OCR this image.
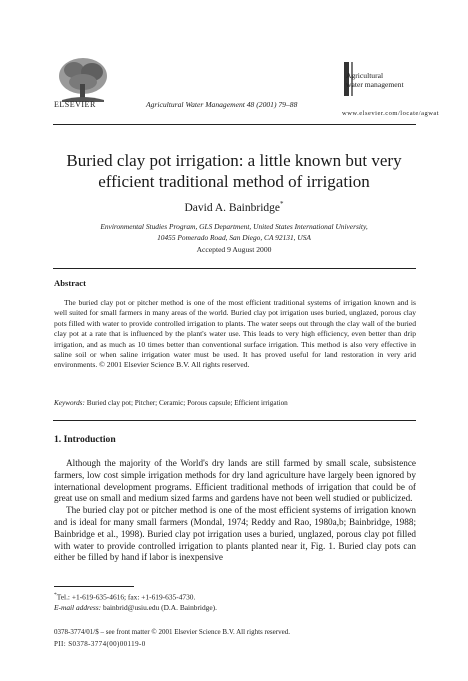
ELSEVIER	Agricultural Water Management 48 (2001) 79–88
Agricultural
water management
www.elsevier.com/locate/agwat
Buried clay pot irrigation: a little known but very efficient traditional method of irrigation
David A. Bainbridge*
Environmental Studies Program, GLS Department, United States International University,
10455 Pomerado Road, San Diego, CA 92131, USA
Accepted 9 August 2000
Abstract
The buried clay pot or pitcher method is one of the most efficient traditional systems of irrigation known and is well suited for small farmers in many areas of the world. Buried clay pot irrigation uses buried, unglazed, porous clay pots filled with water to provide controlled irrigation to plants. The water seeps out through the clay wall of the buried clay pot at a rate that is influenced by the plant's water use. This leads to very high efficiency, even better than drip irrigation, and as much as 10 times better than conventional surface irrigation. This method is also very effective in saline soil or when saline irrigation water must be used. It has proved useful for land restoration in very arid environments. © 2001 Elsevier Science B.V. All rights reserved.
Keywords: Buried clay pot; Pitcher; Ceramic; Porous capsule; Efficient irrigation
1. Introduction

Although the majority of the World's dry lands are still farmed by small scale, subsistence farmers, low cost simple irrigation methods for dry land agriculture have largely been ignored by international development programs. Efficient traditional methods of irrigation that could be of great use on small and medium sized farms and gardens have not been well studied or publicized.

The buried clay pot or pitcher method is one of the most efficient systems of irrigation known and is ideal for many small farmers (Mondal, 1974; Reddy and Rao, 1980a,b; Bainbridge, 1988; Bainbridge et al., 1998). Buried clay pot irrigation uses a buried, unglazed, porous clay pot filled with water to provide controlled irrigation to plants planted near it, Fig. 1. Buried clay pots can either be filled by hand if labor is inexpensive

*Tel.: +1-619-635-4616; fax: +1-619-635-4730.
E-mail address: bainbrid@usiu.edu (D.A. Bainbridge).
0378-3774/01/$ – see front matter © 2001 Elsevier Science B.V. All rights reserved.
PII: S0378-3774(00)00119-0
